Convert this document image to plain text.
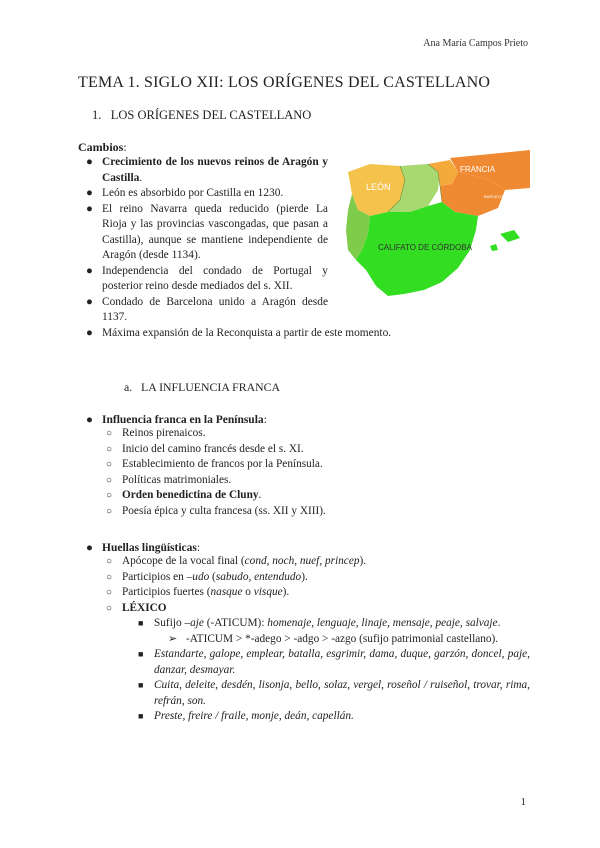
Ana María Campos Prieto
TEMA 1. SIGLO XII: LOS ORÍGENES DEL CASTELLANO
1. LOS ORÍGENES DEL CASTELLANO
Cambios:
● Crecimiento de los nuevos reinos de Aragón y Castilla.
● León es absorbido por Castilla en 1230.
● El reino Navarra queda reducido (pierde La Rioja y las provincias vascongadas, que pasan a Castilla), aunque se mantiene independiente de Aragón (desde 1134).
● Independencia del condado de Portugal y posterior reino desde mediados del s. XII.
● Condado de Barcelona unido a Aragón desde 1137.
● Máxima expansión de la Reconquista a partir de este momento.
LEÓN
FRANCIA
BARCELONA
CALIFATO DE CÓRDOBA
a. LA INFLUENCIA FRANCA
● Influencia franca en la Península:
○ Reinos pirenaicos.
○ Inicio del camino francés desde el s. XI.
○ Establecimiento de francos por la Península.
○ Políticas matrimoniales.
○ Orden benedictina de Cluny.
○ Poesía épica y culta francesa (ss. XII y XIII).
● Huellas lingüísticas:
○ Apócope de la vocal final (cond, noch, nuef, princep).
○ Participios en –udo (sabudo, entendudo).
○ Participios fuertes (nasque o visque).
○ LÉXICO
■ Sufijo –aje (-ATICUM): homenaje, lenguaje, linaje, mensaje, peaje, salvaje.
➢ -ATICUM > *-adego > -adgo > -azgo (sufijo patrimonial castellano).
■ Estandarte, galope, emplear, batalla, esgrimir, dama, duque, garzón, doncel, paje, danzar, desmayar.
■ Cuita, deleite, desdén, lisonja, bello, solaz, vergel, roseñol / ruiseñol, trovar, rima, refrán, son.
■ Preste, freire / fraile, monje, deán, capellán.
1
